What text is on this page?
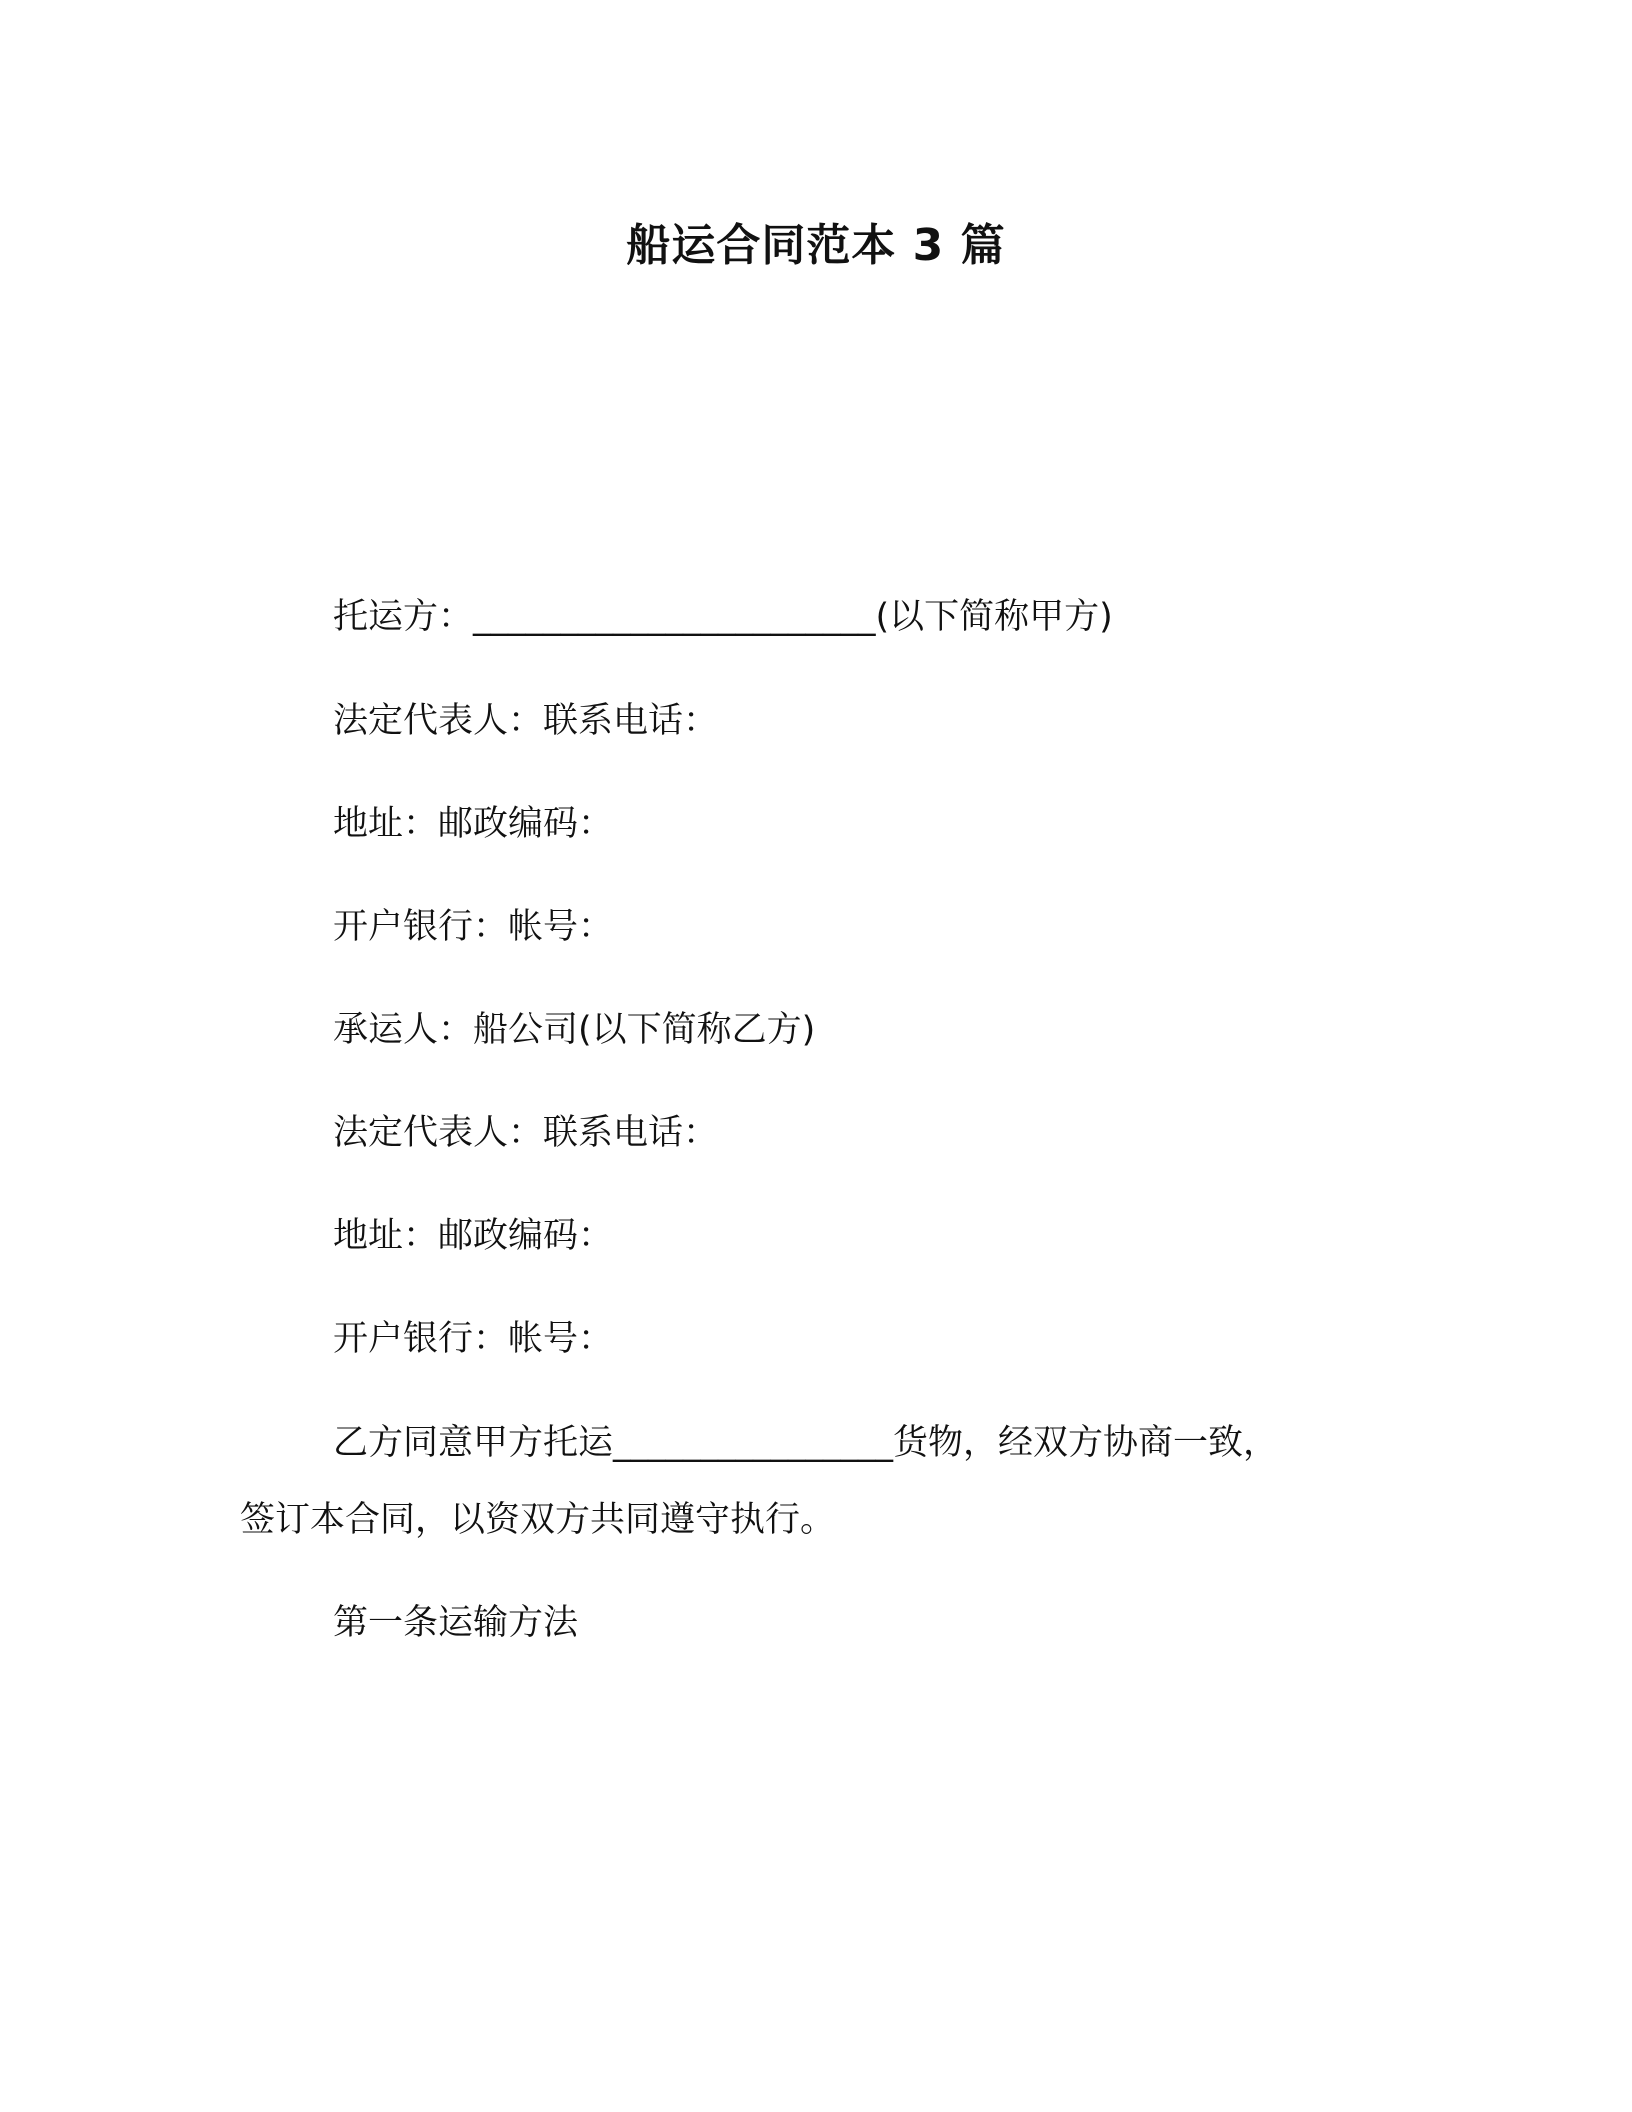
船运合同范本 3 篇
托运方：_______________________(以下简称甲方)
法定代表人：联系电话：
地址：邮政编码：
开户银行：帐号：
承运人：船公司(以下简称乙方)
法定代表人：联系电话：
地址：邮政编码：
开户银行：帐号：
乙方同意甲方托运________________货物，经双方协商一致，
签订本合同，以资双方共同遵守执行。
第一条运输方法
